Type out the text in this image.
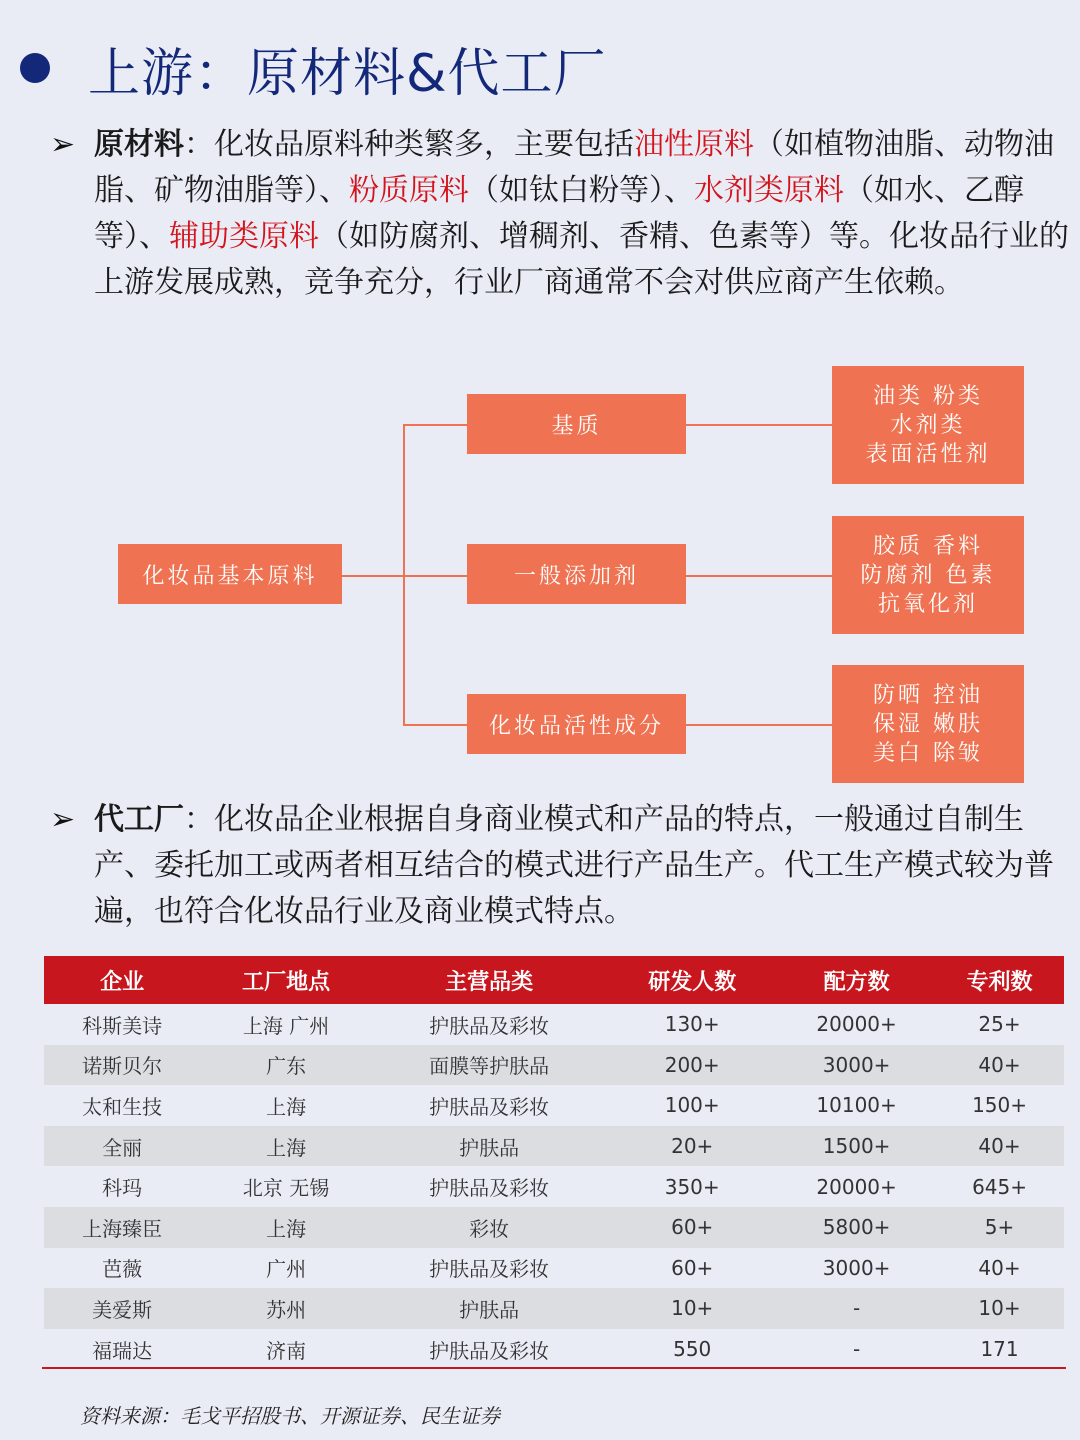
上游：原材料&代工厂
➢ 原材料：化妆品原料种类繁多，主要包括油性原料（如植物油脂、动物油脂、矿物油脂等）、粉质原料（如钛白粉等）、水剂类原料（如水、乙醇等）、辅助类原料（如防腐剂、增稠剂、香精、色素等）等。化妆品行业的上游发展成熟，竞争充分，行业厂商通常不会对供应商产生依赖。
化妆品基本原料
基质
一般添加剂
化妆品活性成分
油类 粉类
水剂类
表面活性剂
胶质 香料
防腐剂 色素
抗氧化剂
防晒 控油
保湿 嫩肤
美白 除皱
➢ 代工厂：化妆品企业根据自身商业模式和产品的特点，一般通过自制生产、委托加工或两者相互结合的模式进行产品生产。代工生产模式较为普遍，也符合化妆品行业及商业模式特点。
企业	工厂地点	主营品类	研发人数	配方数	专利数
科斯美诗	上海 广州	护肤品及彩妆	130+	20000+	25+
诺斯贝尔	广东	面膜等护肤品	200+	3000+	40+
太和生技	上海	护肤品及彩妆	100+	10100+	150+
全丽	上海	护肤品	20+	1500+	40+
科玛	北京 无锡	护肤品及彩妆	350+	20000+	645+
上海臻臣	上海	彩妆	60+	5800+	5+
芭薇	广州	护肤品及彩妆	60+	3000+	40+
美爱斯	苏州	护肤品	10+	-	10+
福瑞达	济南	护肤品及彩妆	550	-	171
资料来源：毛戈平招股书、开源证券、民生证券
